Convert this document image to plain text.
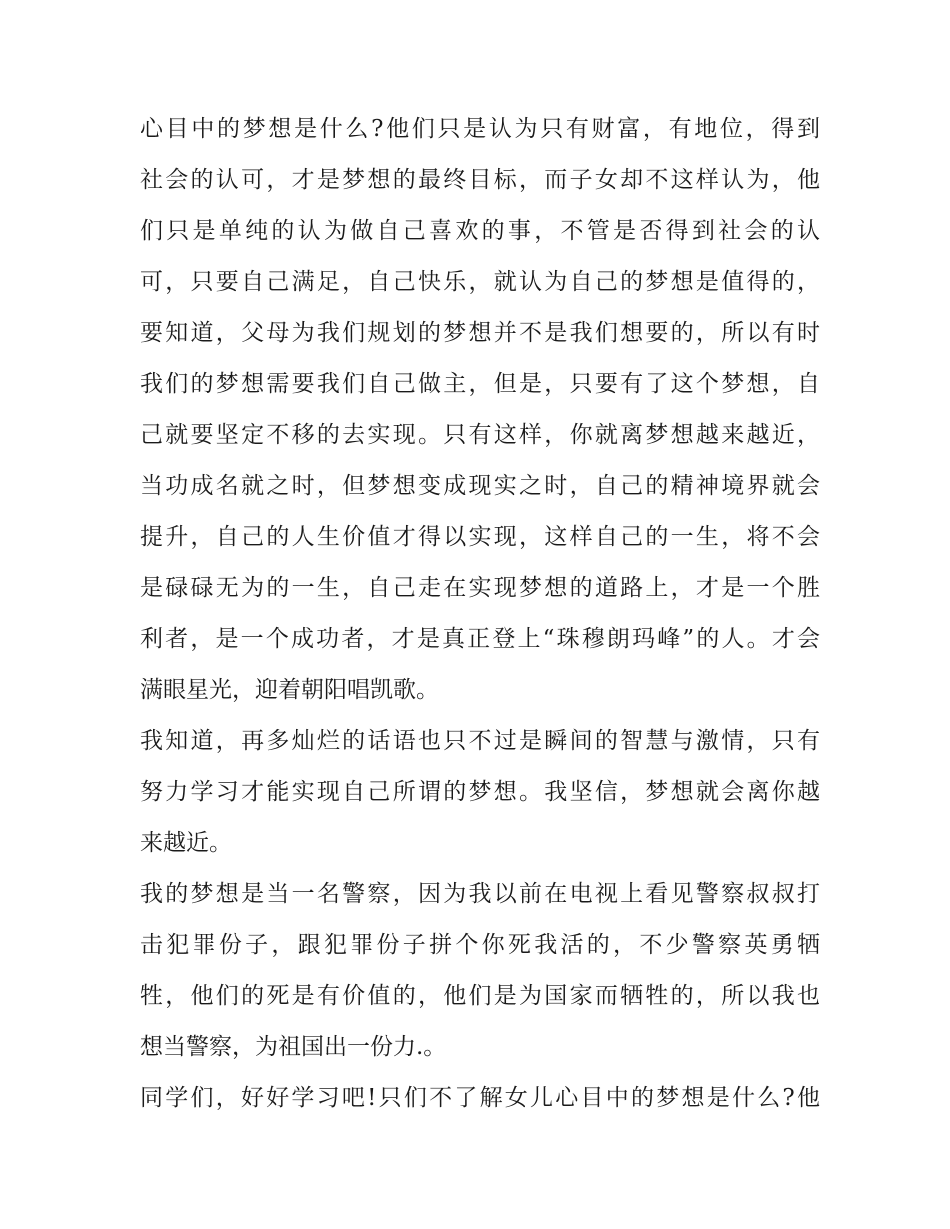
心目中的梦想是什么?他们只是认为只有财富，有地位，得到
社会的认可，才是梦想的最终目标，而子女却不这样认为，他
们只是单纯的认为做自己喜欢的事，不管是否得到社会的认
可，只要自己满足，自己快乐，就认为自己的梦想是值得的，
要知道，父母为我们规划的梦想并不是我们想要的，所以有时
我们的梦想需要我们自己做主，但是，只要有了这个梦想，自
己就要坚定不移的去实现。只有这样，你就离梦想越来越近，
当功成名就之时，但梦想变成现实之时，自己的精神境界就会
提升，自己的人生价值才得以实现，这样自己的一生，将不会
是碌碌无为的一生，自己走在实现梦想的道路上，才是一个胜
利者，是一个成功者，才是真正登上“珠穆朗玛峰”的人。才会
满眼星光，迎着朝阳唱凯歌。
我知道，再多灿烂的话语也只不过是瞬间的智慧与激情，只有
努力学习才能实现自己所谓的梦想。我坚信，梦想就会离你越
来越近。
我的梦想是当一名警察，因为我以前在电视上看见警察叔叔打
击犯罪份子，跟犯罪份子拼个你死我活的，不少警察英勇牺
牲，他们的死是有价值的，他们是为国家而牺牲的，所以我也
想当警察，为祖国出一份力.。
同学们，好好学习吧!只们不了解女儿心目中的梦想是什么?他
